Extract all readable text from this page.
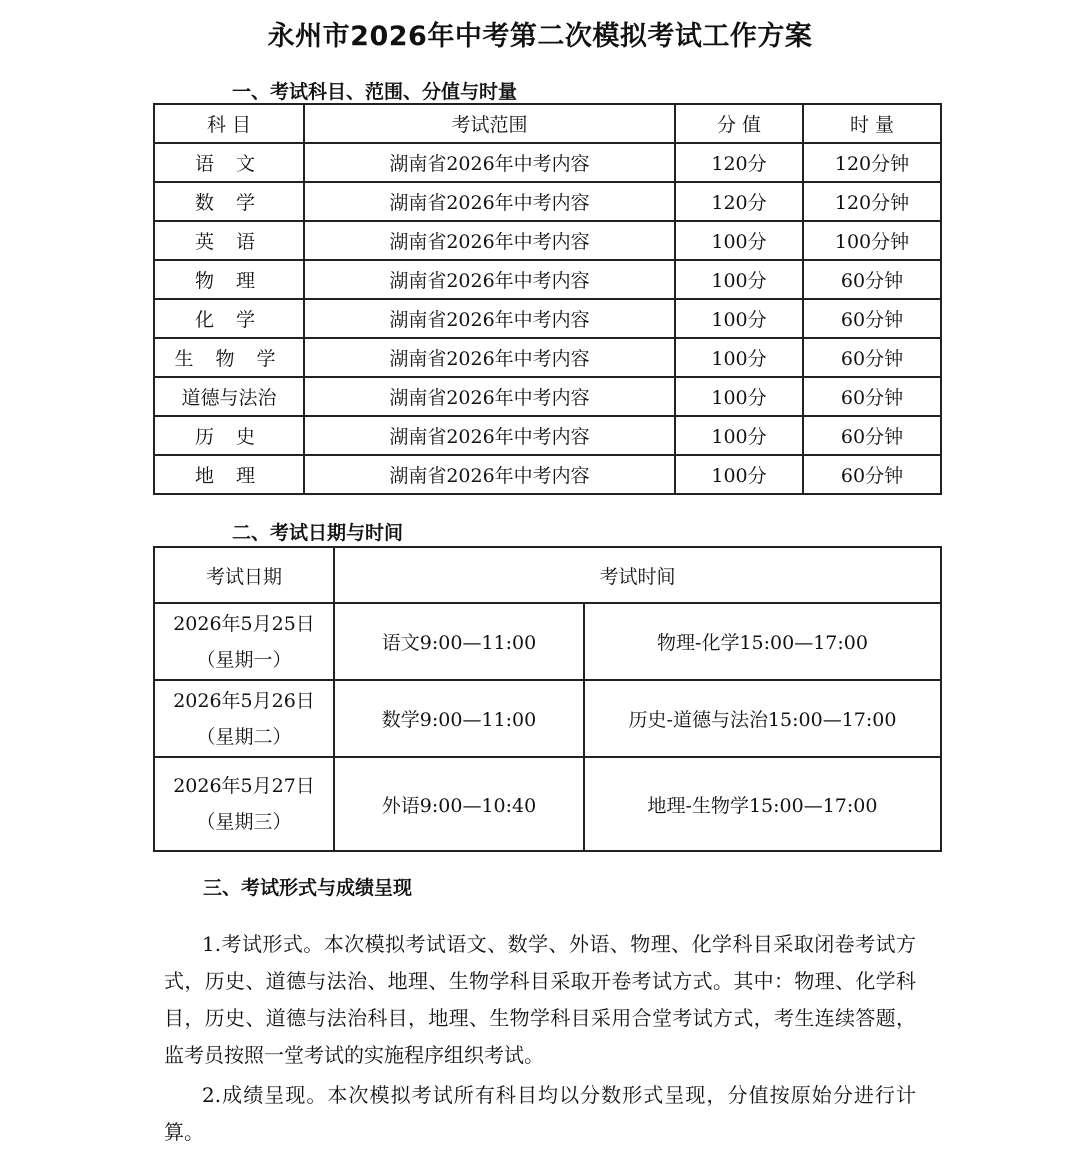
永州市2026年中考第二次模拟考试工作方案
一、考试科目、范围、分值与时量
科 目	考试范围	分 值	时 量
语 文	湖南省2026年中考内容	120分	120分钟
数 学	湖南省2026年中考内容	120分	120分钟
英 语	湖南省2026年中考内容	100分	100分钟
物 理	湖南省2026年中考内容	100分	60分钟
化 学	湖南省2026年中考内容	100分	60分钟
生 物 学	湖南省2026年中考内容	100分	60分钟
道德与法治	湖南省2026年中考内容	100分	60分钟
历 史	湖南省2026年中考内容	100分	60分钟
地 理	湖南省2026年中考内容	100分	60分钟
二、考试日期与时间
考试日期	考试时间	

2026年5月25日
（星期一）	语文9:00—11:00	物理-化学15:00—17:00

2026年5月26日
（星期二）	数学9:00—11:00	历史-道德与法治15:00—17:00

2026年5月27日
（星期三）	外语9:00—10:40	地理-生物学15:00—17:00
三、考试形式与成绩呈现

1.考试形式。本次模拟考试语文、数学、外语、物理、化学科目采取闭卷考试方式，历史、道德与法治、地理、生物学科目采取开卷考试方式。其中：物理、化学科目，历史、道德与法治科目，地理、生物学科目采用合堂考试方式，考生连续答题，监考员按照一堂考试的实施程序组织考试。

2.成绩呈现。本次模拟考试所有科目均以分数形式呈现，分值按原始分进行计算。
